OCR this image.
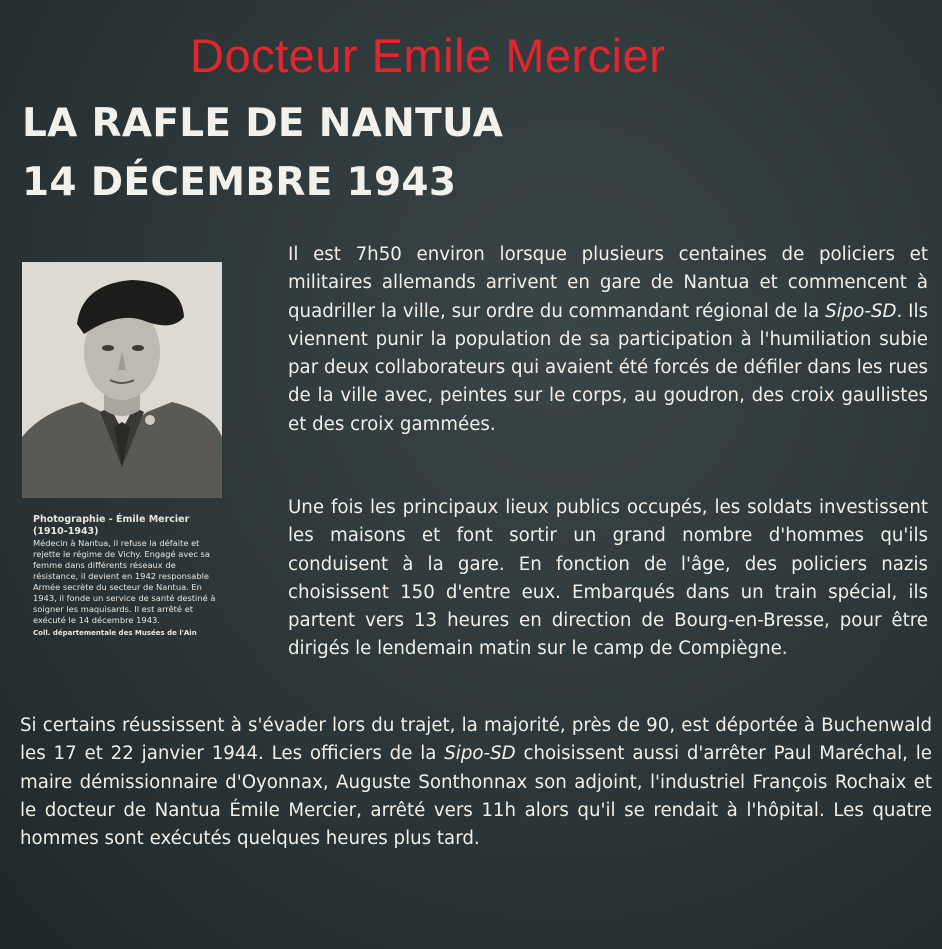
Docteur Emile Mercier
LA RAFLE DE NANTUA
14 DÉCEMBRE 1943
Photographie - Émile Mercier
(1910-1943)
Médecin à Nantua, il refuse la défaite et rejette le régime de Vichy. Engagé avec sa femme dans différents réseaux de résistance, il devient en 1942 responsable Armée secrète du secteur de Nantua. En 1943, il fonde un service de santé destiné à soigner les maquisards. Il est arrêté et exécuté le 14 décembre 1943.
Coll. départementale des Musées de l'Ain

Il est 7h50 environ lorsque plusieurs centaines de policiers et militaires allemands arrivent en gare de Nantua et commencent à quadriller la ville, sur ordre du commandant régional de la Sipo-SD. Ils viennent punir la population de sa participation à l'humiliation subie par deux collaborateurs qui avaient été forcés de défiler dans les rues de la ville avec, peintes sur le corps, au goudron, des croix gaullistes et des croix gammées.

Une fois les principaux lieux publics occupés, les soldats investissent les maisons et font sortir un grand nombre d'hommes qu'ils conduisent à la gare. En fonction de l'âge, des policiers nazis choisissent 150 d'entre eux. Embarqués dans un train spécial, ils partent vers 13 heures en direction de Bourg-en-Bresse, pour être dirigés le lendemain matin sur le camp de Compiègne.

Si certains réussissent à s'évader lors du trajet, la majorité, près de 90, est déportée à Buchenwald les 17 et 22 janvier 1944. Les officiers de la Sipo-SD choisissent aussi d'arrêter Paul Maréchal, le maire démissionnaire d'Oyonnax, Auguste Sonthonnax son adjoint, l'industriel François Rochaix et le docteur de Nantua Émile Mercier, arrêté vers 11h alors qu'il se rendait à l'hôpital. Les quatre hommes sont exécutés quelques heures plus tard.
